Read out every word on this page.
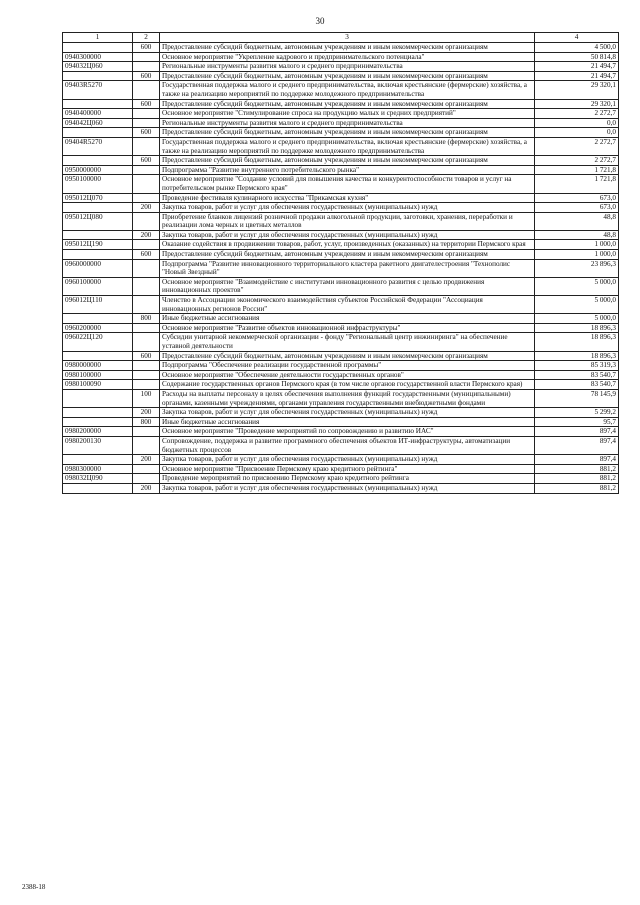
30
1	2	3	4
	600	Предоставление субсидий бюджетным, автономным учреждениям и иным некоммерческим организациям	4 500,0
0940300000		Основное мероприятие "Укрепление кадрового и предпринимательского потенциала"	50 814,8
094032Ц060		Региональные инструменты развития малого и среднего предпринимательства	21 494,7
	600	Предоставление субсидий бюджетным, автономным учреждениям и иным некоммерческим организациям	21 494,7
09403R5270		Государственная поддержка малого и среднего предпринимательства, включая крестьянские (фермерские) хозяйства, а также на реализацию мероприятий по поддержке молодежного предпринимательства	29 320,1
	600	Предоставление субсидий бюджетным, автономным учреждениям и иным некоммерческим организациям	29 320,1
0940400000		Основное мероприятие "Стимулирование спроса на продукцию малых и средних предприятий"	2 272,7
094042Ц060		Региональные инструменты развития малого и среднего предпринимательства	0,0
	600	Предоставление субсидий бюджетным, автономным учреждениям и иным некоммерческим организациям	0,0
09404R5270		Государственная поддержка малого и среднего предпринимательства, включая крестьянские (фермерские) хозяйства, а также на реализацию мероприятий по поддержке молодежного предпринимательства	2 272,7
	600	Предоставление субсидий бюджетным, автономным учреждениям и иным некоммерческим организациям	2 272,7
0950000000		Подпрограмма "Развитие внутреннего потребительского рынка"	1 721,8
0950100000		Основное мероприятие "Создание условий для повышения качества и конкурентоспособности товаров и услуг на потребительском рынке Пермского края"	1 721,8
095012Ц070		Проведение фестиваля кулинарного искусства "Прикамская кухня"	673,0
	200	Закупка товаров, работ и услуг для обеспечения государственных (муниципальных) нужд	673,0
095012Ц080		Приобретение бланков лицензий розничной продажи алкогольной продукции, заготовки, хранения, переработки и реализации лома черных и цветных металлов	48,8
	200	Закупка товаров, работ и услуг для обеспечения государственных (муниципальных) нужд	48,8
095012Ц190		Оказание содействия в продвижении товаров, работ, услуг, произведенных (оказанных) на территории Пермского края	1 000,0
	600	Предоставление субсидий бюджетным, автономным учреждениям и иным некоммерческим организациям	1 000,0
0960000000		Подпрограмма "Развитие инновационного территориального кластера ракетного двигателестроения "Технополис "Новый Звездный"	23 896,3
0960100000		Основное мероприятие "Взаимодействие с институтами инновационного развития с целью продвижения инновационных проектов"	5 000,0
096012Ц110		Членство в Ассоциации экономического взаимодействия субъектов Российской Федерации "Ассоциация инновационных регионов России"	5 000,0
	800	Иные бюджетные ассигнования	5 000,0
0960200000		Основное мероприятие "Развитие объектов инновационной инфраструктуры"	18 896,3
096022Ц120		Субсидии унитарной некоммерческой организации - фонду "Региональный центр инжиниринга" на обеспечение уставной деятельности	18 896,3
	600	Предоставление субсидий бюджетным, автономным учреждениям и иным некоммерческим организациям	18 896,3
0980000000		Подпрограмма "Обеспечение реализации государственной программы"	85 319,3
0980100000		Основное мероприятие "Обеспечение деятельности государственных органов"	83 540,7
0980100090		Содержание государственных органов Пермского края (в том числе органов государственной власти Пермского края)	83 540,7
	100	Расходы на выплаты персоналу в целях обеспечения выполнения функций государственными (муниципальными) органами, казенными учреждениями, органами управления государственными внебюджетными фондами	78 145,9
	200	Закупка товаров, работ и услуг для обеспечения государственных (муниципальных) нужд	5 299,2
	800	Иные бюджетные ассигнования	95,7
0980200000		Основное мероприятие "Проведение мероприятий по сопровождению и развитию ИАС"	897,4
0980200130		Сопровождение, поддержка и развитие программного обеспечения объектов ИТ-инфраструктуры, автоматизации бюджетных процессов	897,4
	200	Закупка товаров, работ и услуг для обеспечения государственных (муниципальных) нужд	897,4
0980300000		Основное мероприятие "Присвоение Пермскому краю кредитного рейтинга"	881,2
098032Ц090		Проведение мероприятий по присвоению Пермскому краю кредитного рейтинга	881,2
	200	Закупка товаров, работ и услуг для обеспечения государственных (муниципальных) нужд	881,2
2388-18
